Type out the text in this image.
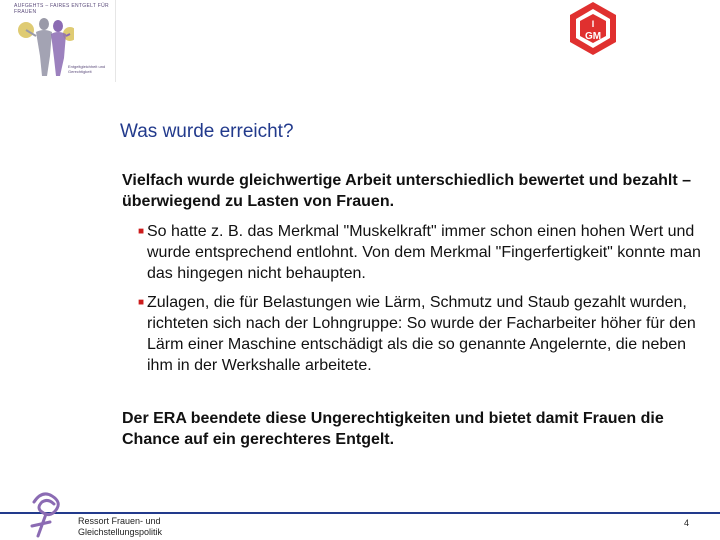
AUFGEHTS – FAIRES ENTGELT FÜR FRAUEN
Entgeltgleichheit und Gerechtigkeit
I
GM
Was wurde erreicht?
Vielfach wurde gleichwertige Arbeit unterschiedlich bewertet und bezahlt – überwiegend zu Lasten von Frauen.
■ So hatte z. B. das Merkmal "Muskelkraft" immer schon einen hohen Wert und wurde entsprechend entlohnt. Von dem Merkmal "Fingerfertigkeit" konnte man das hingegen nicht behaupten.
■ Zulagen, die für Belastungen wie Lärm, Schmutz und Staub gezahlt wurden, richteten sich nach der Lohngruppe: So wurde der Facharbeiter höher für den Lärm einer Maschine entschädigt als die so genannte Angelernte, die neben ihm in der Werkshalle arbeitete.
Der ERA beendete diese Ungerechtigkeiten und bietet damit Frauen die Chance auf ein gerechteres Entgelt.
Ressort Frauen- und Gleichstellungspolitik
4
